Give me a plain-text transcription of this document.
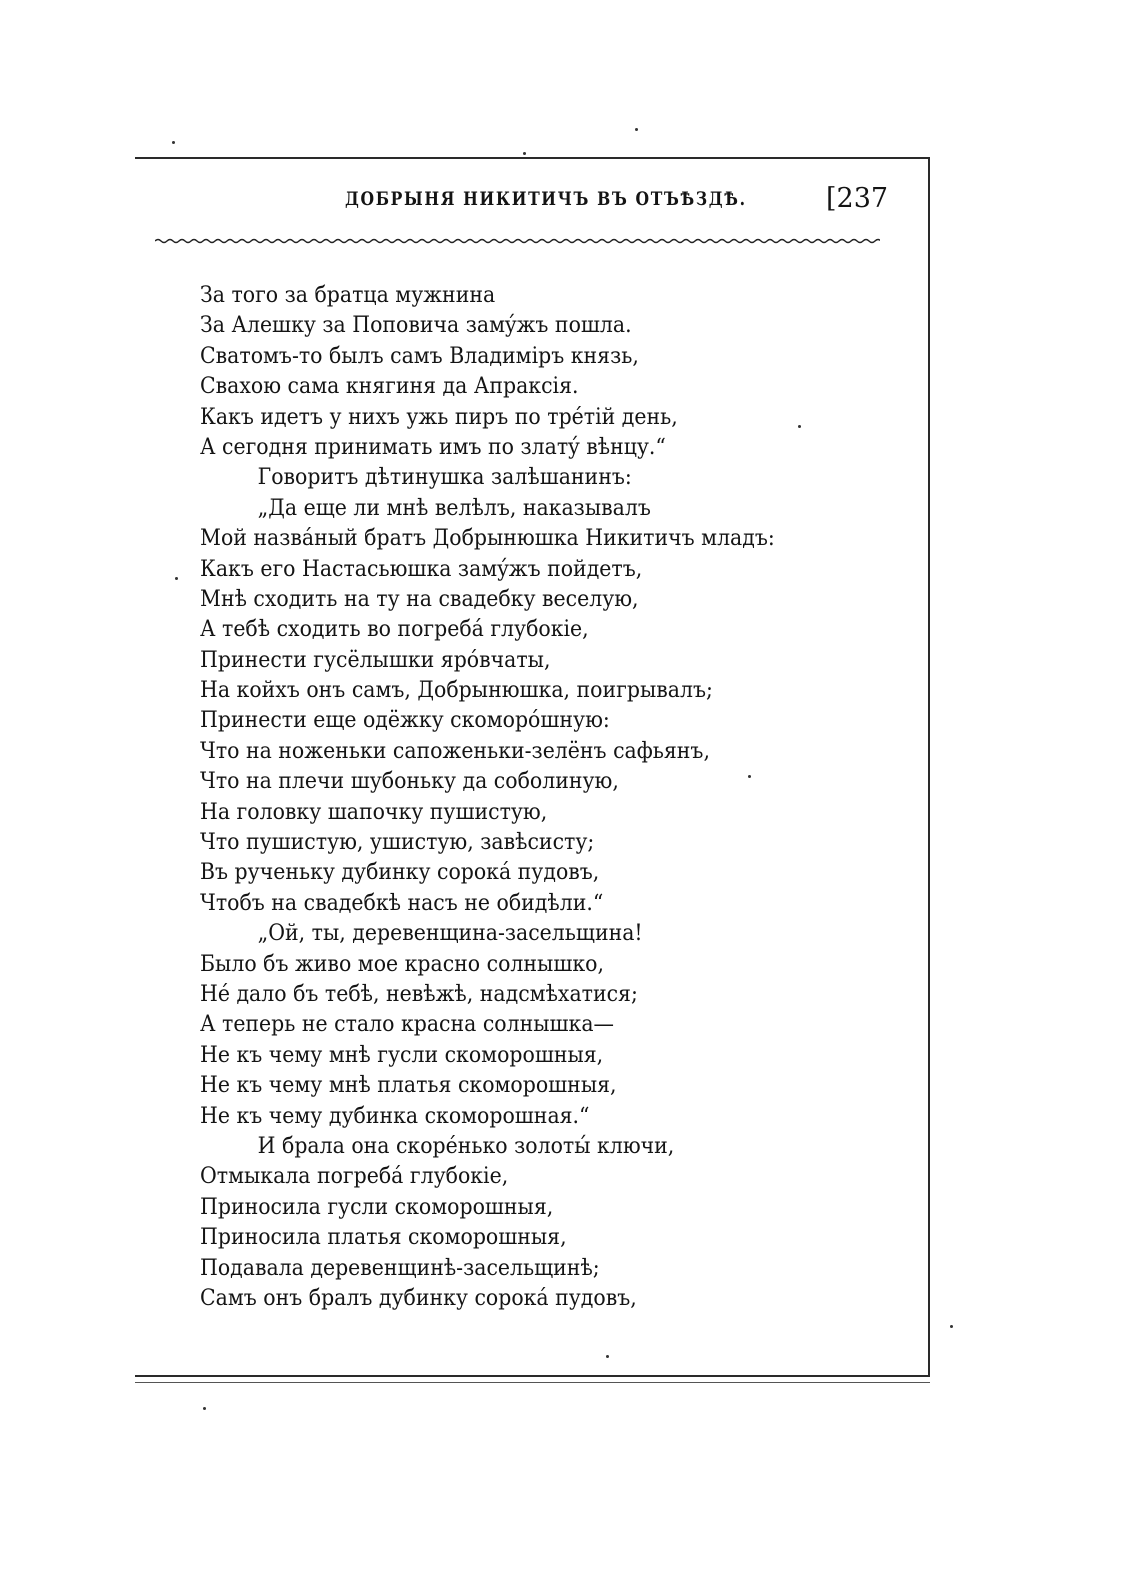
ДОБРЫНЯ НИКИТИЧЪ ВЪ ОТЪѢЗДѢ.	[237
За того за братца мужнина
За Алешку за Поповича замýжъ пошла.
Сватомъ-то былъ самъ Владиміръ князь,
Свахою сама княгиня да Апраксія.
Какъ идетъ у нихъ ужь пиръ по трéтій день,
А сегодня принимать имъ по златý вѣнцу.“
Говоритъ дѣтинушка залѣшанинъ:
„Да еще ли мнѣ велѣлъ, наказывалъ
Мой назвáный братъ Добрынюшка Никитичъ младъ:
Какъ его Настасьюшка замýжъ пойдетъ,
Мнѣ сходить на ту на свадебку веселую,
А тебѣ сходить во погребá глубокіе,
Принести гусёлышки ярóвчаты,
На койхъ онъ самъ, Добрынюшка, поигрывалъ;
Принести еще одёжку скоморóшную:
Что на ноженьки сапоженьки-зелёнъ сафьянъ,
Что на плечи шубоньку да соболиную,
На головку шапочку пушистую,
Что пушистую, ушистую, завѣсисту;
Въ рученьку дубинку сорокá пудовъ,
Чтобъ на свадебкѣ насъ не обидѣли.“
„Ой, ты, деревенщина-засельщина!
Было бъ живо мое красно солнышко,
Нé дало бъ тебѣ, невѣжѣ, надсмѣхатися;
А теперь не стало красна солнышка—
Не къ чему мнѣ гусли скоморошныя,
Не къ чему мнѣ платья скоморошныя,
Не къ чему дубинка скоморошная.“
И брала она скорéнько золоты́ ключи,
Отмыкала погребá глубокіе,
Приносила гусли скоморошныя,
Приносила платья скоморошныя,
Подавала деревенщинѣ-засельщинѣ;
Самъ онъ бралъ дубинку сорокá пудовъ,
